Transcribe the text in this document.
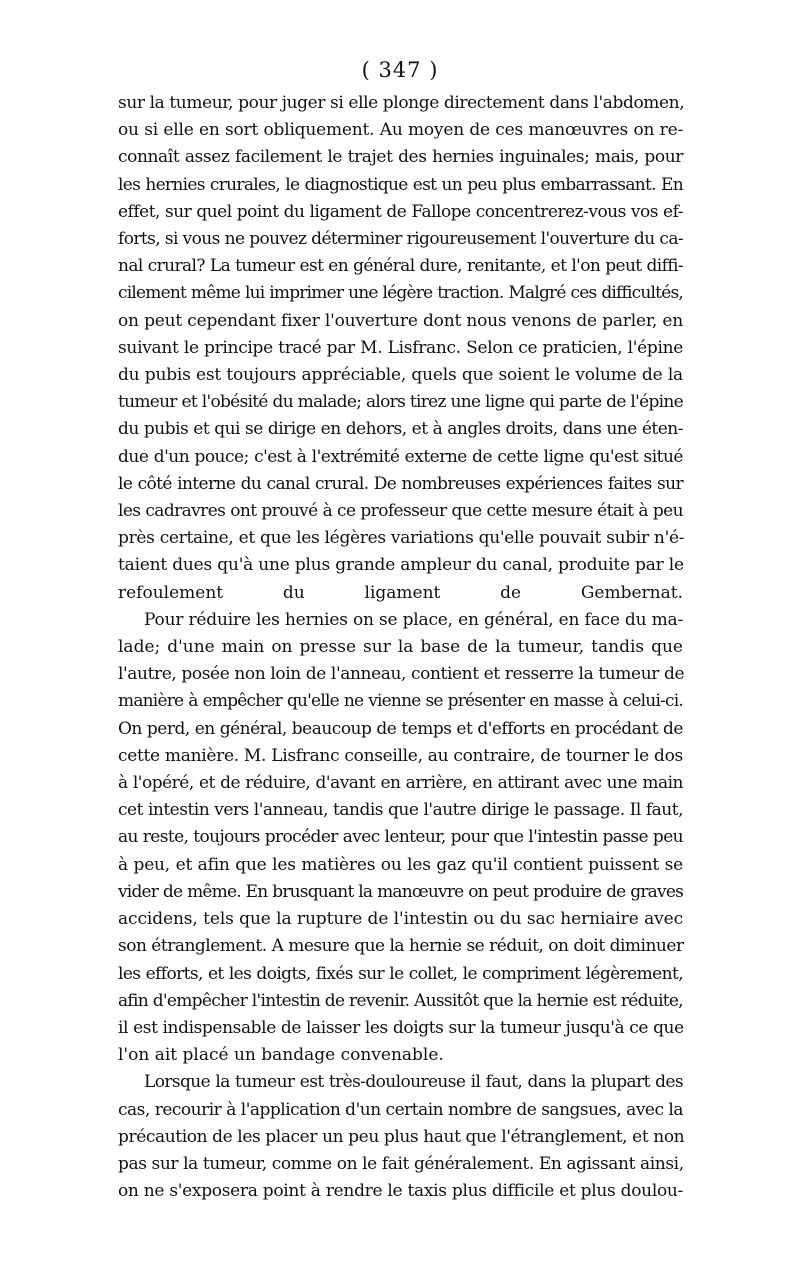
( 347 )

sur la tumeur, pour juger si elle plonge directement dans l'abdomen,
ou si elle en sort obliquement. Au moyen de ces manœuvres on re-
connaît assez facilement le trajet des hernies inguinales; mais, pour
les hernies crurales, le diagnostique est un peu plus embarrassant. En
effet, sur quel point du ligament de Fallope concentrerez-vous vos ef-
forts, si vous ne pouvez déterminer rigoureusement l'ouverture du ca-
nal crural? La tumeur est en général dure, renitante, et l'on peut diffi-
cilement même lui imprimer une légère traction. Malgré ces difficultés,
on peut cependant fixer l'ouverture dont nous venons de parler, en
suivant le principe tracé par M. Lisfranc. Selon ce praticien, l'épine
du pubis est toujours appréciable, quels que soient le volume de la
tumeur et l'obésité du malade; alors tirez une ligne qui parte de l'épine
du pubis et qui se dirige en dehors, et à angles droits, dans une éten-
due d'un pouce; c'est à l'extrémité externe de cette ligne qu'est situé
le côté interne du canal crural. De nombreuses expériences faites sur
les cadravres ont prouvé à ce professeur que cette mesure était à peu
près certaine, et que les légères variations qu'elle pouvait subir n'é-
taient dues qu'à une plus grande ampleur du canal, produite par le
refoulement du ligament de Gembernat.

Pour réduire les hernies on se place, en général, en face du ma-
lade; d'une main on presse sur la base de la tumeur, tandis que
l'autre, posée non loin de l'anneau, contient et resserre la tumeur de
manière à empêcher qu'elle ne vienne se présenter en masse à celui-ci.
On perd, en général, beaucoup de temps et d'efforts en procédant de
cette manière. M. Lisfranc conseille, au contraire, de tourner le dos
à l'opéré, et de réduire, d'avant en arrière, en attirant avec une main
cet intestin vers l'anneau, tandis que l'autre dirige le passage. Il faut,
au reste, toujours procéder avec lenteur, pour que l'intestin passe peu
à peu, et afin que les matières ou les gaz qu'il contient puissent se
vider de même. En brusquant la manœuvre on peut produire de graves
accidens, tels que la rupture de l'intestin ou du sac herniaire avec
son étranglement. A mesure que la hernie se réduit, on doit diminuer
les efforts, et les doigts, fixés sur le collet, le compriment légèrement,
afin d'empêcher l'intestin de revenir. Aussitôt que la hernie est réduite,
il est indispensable de laisser les doigts sur la tumeur jusqu'à ce que
l'on ait placé un bandage convenable.

Lorsque la tumeur est très-douloureuse il faut, dans la plupart des
cas, recourir à l'application d'un certain nombre de sangsues, avec la
précaution de les placer un peu plus haut que l'étranglement, et non
pas sur la tumeur, comme on le fait généralement. En agissant ainsi,
on ne s'exposera point à rendre le taxis plus difficile et plus doulou-
